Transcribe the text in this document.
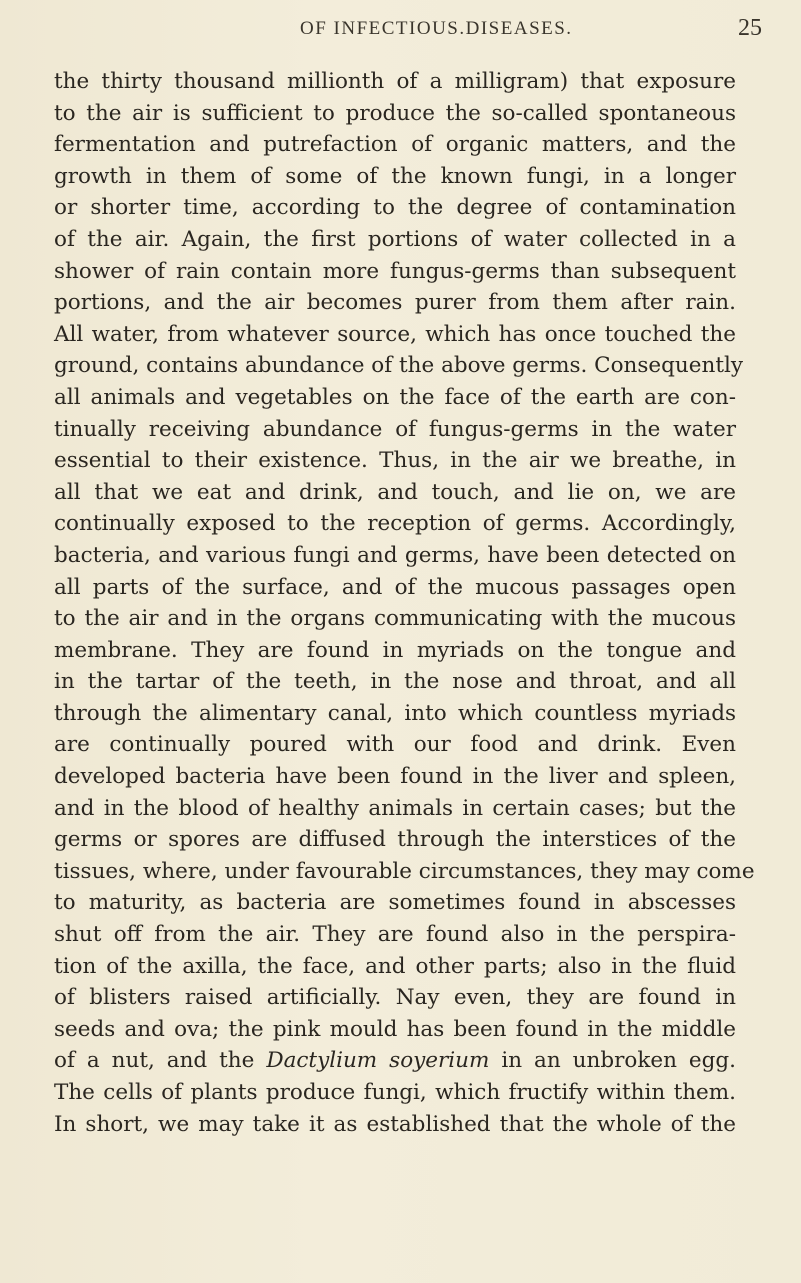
OF INFECTIOUS.DISEASES.	25
the thirty thousand millionth of a milligram) that exposure
to the air is sufficient to produce the so-called spontaneous
fermentation and putrefaction of organic matters, and the
growth in them of some of the known fungi, in a longer
or shorter time, according to the degree of contamination
of the air. Again, the first portions of water collected in a
shower of rain contain more fungus-germs than subsequent
portions, and the air becomes purer from them after rain.
All water, from whatever source, which has once touched the
ground, contains abundance of the above germs. Consequently
all animals and vegetables on the face of the earth are con-
tinually receiving abundance of fungus-germs in the water
essential to their existence. Thus, in the air we breathe, in
all that we eat and drink, and touch, and lie on, we are
continually exposed to the reception of germs. Accordingly,
bacteria, and various fungi and germs, have been detected on
all parts of the surface, and of the mucous passages open
to the air and in the organs communicating with the mucous
membrane. They are found in myriads on the tongue and
in the tartar of the teeth, in the nose and throat, and all
through the alimentary canal, into which countless myriads
are continually poured with our food and drink. Even
developed bacteria have been found in the liver and spleen,
and in the blood of healthy animals in certain cases; but the
germs or spores are diffused through the interstices of the
tissues, where, under favourable circumstances, they may come
to maturity, as bacteria are sometimes found in abscesses
shut off from the air. They are found also in the perspira-
tion of the axilla, the face, and other parts; also in the fluid
of blisters raised artificially. Nay even, they are found in
seeds and ova; the pink mould has been found in the middle
of a nut, and the Dactylium soyerium in an unbroken egg.
The cells of plants produce fungi, which fructify within them.
In short, we may take it as established that the whole of the
